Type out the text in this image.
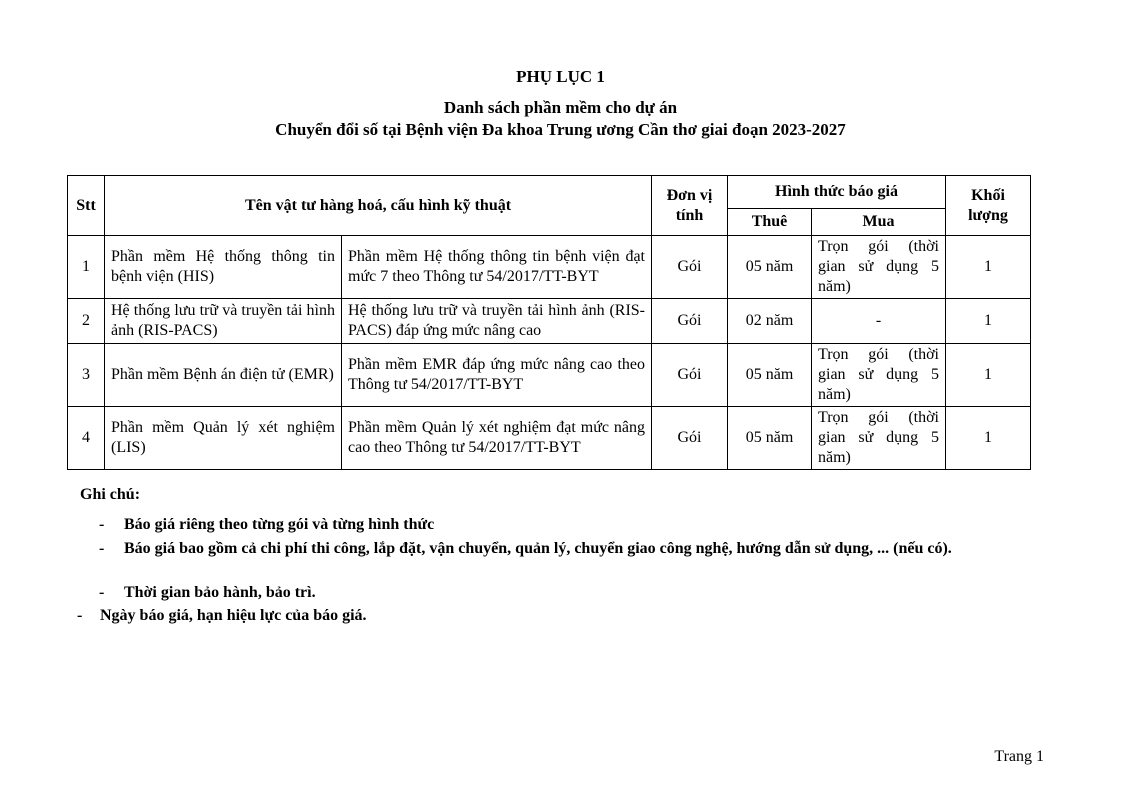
PHỤ LỤC 1
Danh sách phần mềm cho dự án
Chuyển đổi số tại Bệnh viện Đa khoa Trung ương Cần thơ giai đoạn 2023-2027
Stt	Tên vật tư hàng hoá, cấu hình kỹ thuật		Đơn vị tính	Hình thức báo giá		Khối lượng
				Thuê	Mua	
1	Phần mềm Hệ thống thông tin bệnh viện (HIS)	Phần mềm Hệ thống thông tin bệnh viện đạt mức 7 theo Thông tư 54/2017/TT-BYT	Gói	05 năm	Trọn gói (thời gian sử dụng 5 năm)	1
2	Hệ thống lưu trữ và truyền tải hình ảnh (RIS-PACS)	Hệ thống lưu trữ và truyền tải hình ảnh (RIS-PACS) đáp ứng mức nâng cao	Gói	02 năm	-	1
3	Phần mềm Bệnh án điện tử (EMR)	Phần mềm EMR đáp ứng mức nâng cao theo Thông tư 54/2017/TT-BYT	Gói	05 năm	Trọn gói (thời gian sử dụng 5 năm)	1
4	Phần mềm Quản lý xét nghiệm (LIS)	Phần mềm Quản lý xét nghiệm đạt mức nâng cao theo Thông tư 54/2017/TT-BYT	Gói	05 năm	Trọn gói (thời gian sử dụng 5 năm)	1
Ghi chú:
- Báo giá riêng theo từng gói và từng hình thức
- Báo giá bao gồm cả chi phí thi công, lắp đặt, vận chuyển, quản lý, chuyển giao công nghệ, hướng dẫn sử dụng, ... (nếu có).
- Thời gian bảo hành, bảo trì.
- Ngày báo giá, hạn hiệu lực của báo giá.
Trang 1
